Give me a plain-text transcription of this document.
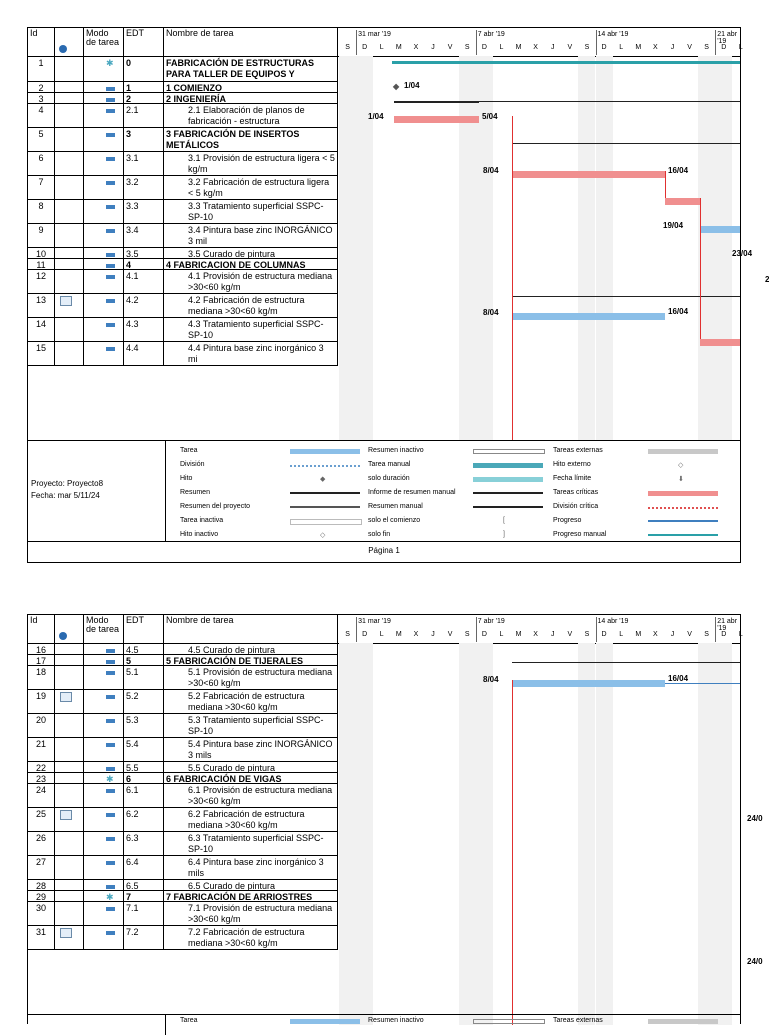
Id	Modo de tarea
EDT	Nombre de tarea
1	✱	0	FABRICACIÓN DE ESTRUCTURAS PARA TALLER DE EQUIPOS Y
2	1	1 COMIENZO
3	2	2 INGENIERÍA
4	2.1	2.1 Elaboración de planos de fabricación - estructura
5	3	3 FABRICACIÓN DE INSERTOS METÁLICOS
6	3.1	3.1 Provisión de estructura ligera < 5 kg/m
7	3.2	3.2 Fabricación de estructura ligera < 5 kg/m
8	3.3	3.3 Tratamiento superficial SSPC-SP-10
9	3.4	3.4 Pintura base zinc INORGÁNICO 3 mil
10	3.5	3.5 Curado de pintura
11	4	4 FABRICACION DE COLUMNAS
12	4.1	4.1 Provisión de estructura mediana >30<60 kg/m
13	4.2	4.2 Fabricación de estructura mediana >30<60 kg/m
14	4.3	4.3 Tratamiento superficial SSPC-SP-10
15	4.4	4.4 Pintura base zinc inorgánico 3 mi
31 mar '19	7 abr '19	14 abr '19	21 abr '19
S	D	L	M	X	J	V	S	D	L	M	X	J	V	S	D	L	M	X	J	V	S	D	L
◆ 1/04
1/04	5/04
8/04	16/04
19/04
23/04
2
8/04	16/04
Proyecto: Proyecto8
Fecha: mar 5/11/24
Tarea
División
Hito	◆
Resumen
Resumen del proyecto
Tarea inactiva
Hito inactivo	◇
Resumen inactivo
Tarea manual
solo duración
Informe de resumen manual
Resumen manual
solo el comienzo	[
solo fin	]
Tareas externas
Hito externo	◇
Fecha límite	⬇
Tareas críticas
División crítica
Progreso
Progreso manual
Página 1
Id	Modo de tarea
EDT	Nombre de tarea
16	4.5	4.5 Curado de pintura
17	5	5 FABRICACIÓN DE TIJERALES
18	5.1	5.1 Provisión de estructura mediana >30<60 kg/m
19	5.2	5.2 Fabricación de estructura mediana >30<60 kg/m
20	5.3	5.3 Tratamiento superficial SSPC-SP-10
21	5.4	5.4 Pintura base zinc INORGÁNICO 3 mils
22	5.5	5.5 Curado de pintura
23	✱	6	6 FABRICACIÓN DE VIGAS
24	6.1	6.1 Provisión de estructura mediana >30<60 kg/m
25	6.2	6.2 Fabricación de estructura mediana >30<60 kg/m
26	6.3	6.3 Tratamiento superficial SSPC-SP-10
27	6.4	6.4 Pintura base zinc inorgánico 3 mils
28	6.5	6.5 Curado de pintura
29	✱	7	7 FABRICACIÓN DE ARRIOSTRES
30	7.1	7.1 Provisión de estructura mediana >30<60 kg/m
31	7.2	7.2 Fabricación de estructura mediana >30<60 kg/m
31 mar '19	7 abr '19	14 abr '19	21 abr '19
S	D	L	M	X	J	V	S	D	L	M	X	J	V	S	D	L	M	X	J	V	S	D	L
8/04	16/04
24/0
24/0
Tarea	Resumen inactivo	Tareas externas
